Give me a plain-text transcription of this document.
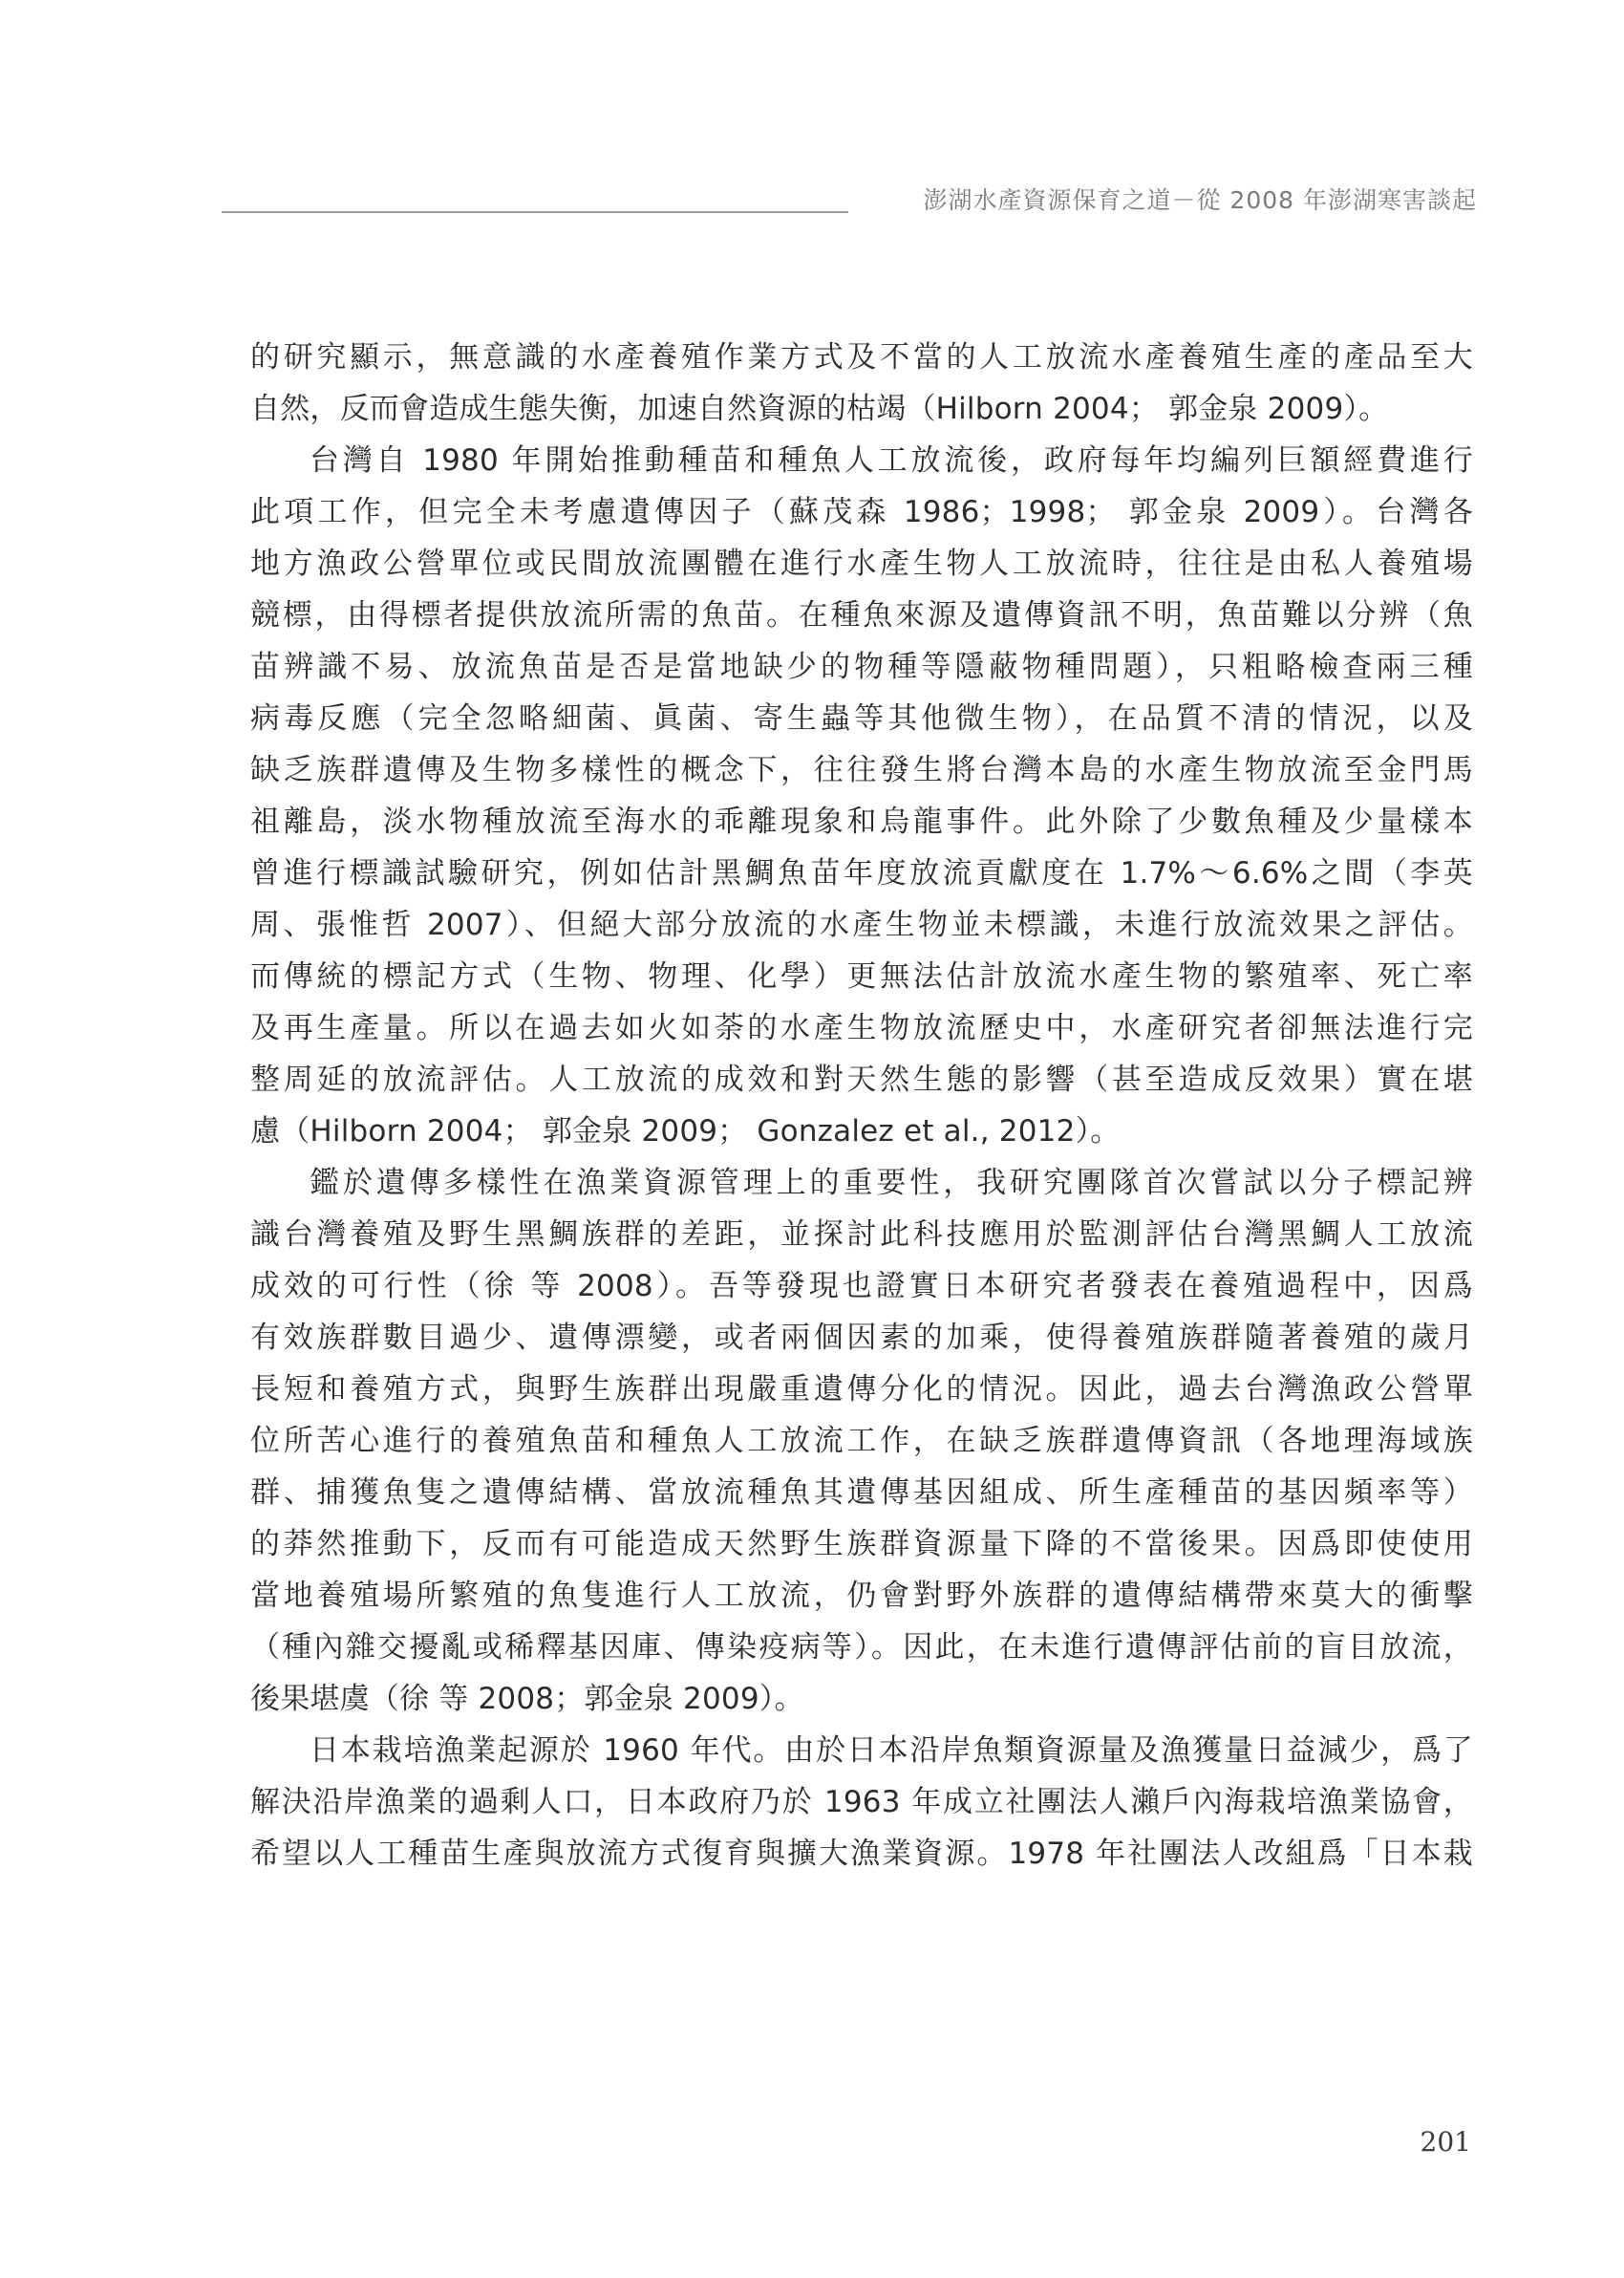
澎湖水產資源保育之道－從 2008 年澎湖寒害談起
的研究顯示，無意識的水產養殖作業方式及不當的人工放流水產養殖生產的產品至大
自然，反而會造成生態失衡，加速自然資源的枯竭（Hilborn 2004； 郭金泉 2009）。
台灣自 1980 年開始推動種苗和種魚人工放流後，政府每年均編列巨額經費進行
此項工作，但完全未考慮遺傳因子（蘇茂森 1986；1998； 郭金泉 2009）。台灣各
地方漁政公營單位或民間放流團體在進行水產生物人工放流時，往往是由私人養殖場
競標，由得標者提供放流所需的魚苗。在種魚來源及遺傳資訊不明，魚苗難以分辨（魚
苗辨識不易、放流魚苗是否是當地缺少的物種等隱蔽物種問題），只粗略檢查兩三種
病毒反應（完全忽略細菌、眞菌、寄生蟲等其他微生物），在品質不清的情況，以及
缺乏族群遺傳及生物多樣性的概念下，往往發生將台灣本島的水產生物放流至金門馬
祖離島，淡水物種放流至海水的乖離現象和烏龍事件。此外除了少數魚種及少量樣本
曾進行標識試驗研究，例如估計黑鯛魚苗年度放流貢獻度在 1.7%～6.6%之間（李英
周、張惟哲 2007）、但絕大部分放流的水產生物並未標識，未進行放流效果之評估。
而傳統的標記方式（生物、物理、化學）更無法估計放流水產生物的繁殖率、死亡率
及再生產量。所以在過去如火如荼的水產生物放流歷史中，水產研究者卻無法進行完
整周延的放流評估。人工放流的成效和對天然生態的影響（甚至造成反效果）實在堪
慮（Hilborn 2004； 郭金泉 2009； Gonzalez et al., 2012）。
鑑於遺傳多樣性在漁業資源管理上的重要性，我研究團隊首次嘗試以分子標記辨
識台灣養殖及野生黑鯛族群的差距，並探討此科技應用於監測評估台灣黑鯛人工放流
成效的可行性（徐 等 2008）。吾等發現也證實日本研究者發表在養殖過程中，因爲
有效族群數目過少、遺傳漂變，或者兩個因素的加乘，使得養殖族群隨著養殖的歲月
長短和養殖方式，與野生族群出現嚴重遺傳分化的情況。因此，過去台灣漁政公營單
位所苦心進行的養殖魚苗和種魚人工放流工作，在缺乏族群遺傳資訊（各地理海域族
群、捕獲魚隻之遺傳結構、當放流種魚其遺傳基因組成、所生產種苗的基因頻率等）
的莽然推動下，反而有可能造成天然野生族群資源量下降的不當後果。因爲即使使用
當地養殖場所繁殖的魚隻進行人工放流，仍會對野外族群的遺傳結構帶來莫大的衝擊
（種內雜交擾亂或稀釋基因庫、傳染疫病等）。因此，在未進行遺傳評估前的盲目放流，
後果堪虞（徐 等 2008；郭金泉 2009）。
日本栽培漁業起源於 1960 年代。由於日本沿岸魚類資源量及漁獲量日益減少，爲了
解決沿岸漁業的過剩人口，日本政府乃於 1963 年成立社團法人瀨戶內海栽培漁業協會，
希望以人工種苗生產與放流方式復育與擴大漁業資源。1978 年社團法人改組爲「日本栽
201
